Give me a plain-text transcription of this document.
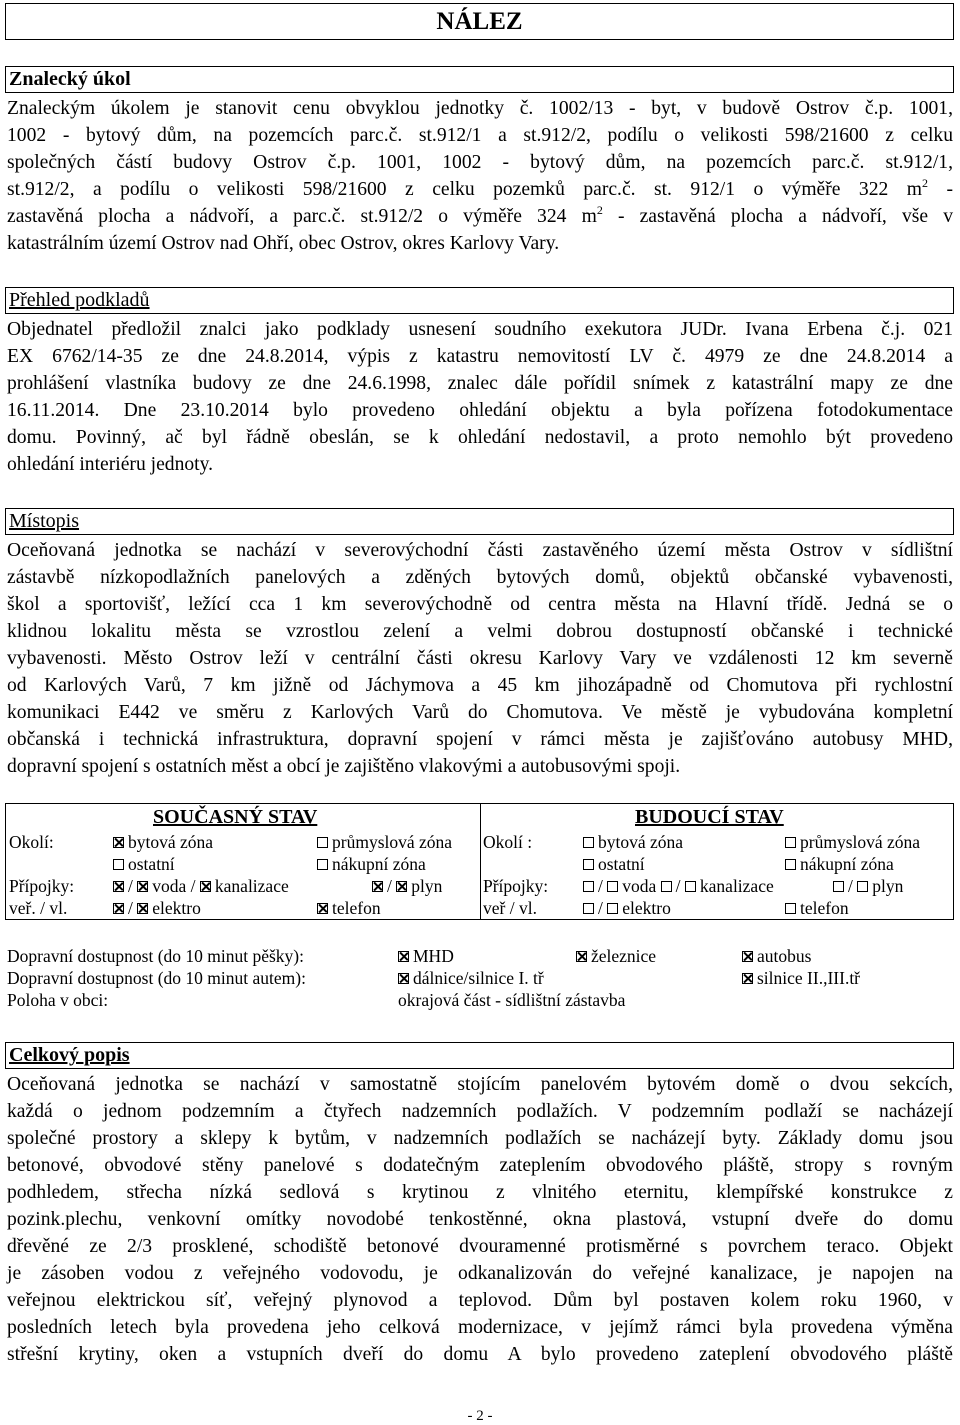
NÁLEZ
Znalecký úkol
Znaleckým úkolem je stanovit cenu obvyklou jednotky č. 1002/13 - byt, v budově Ostrov č.p. 1001,
1002 - bytový dům, na pozemcích parc.č. st.912/1 a st.912/2, podílu o velikosti 598/21600 z celku
společných částí budovy Ostrov č.p. 1001, 1002 - bytový dům, na pozemcích parc.č. st.912/1,
st.912/2, a podílu o velikosti 598/21600 z celku pozemků parc.č. st. 912/1 o výměře 322 $m^2$ -
zastavěná plocha a nádvoří, a parc.č. st.912/2 o výměře 324 $m^2$ - zastavěná plocha a nádvoří, vše v
katastrálním území Ostrov nad Ohří, obec Ostrov, okres Karlovy Vary.
Přehled podkladů
Objednatel předložil znalci jako podklady usnesení soudního exekutora JUDr. Ivana Erbena č.j. 021
EX 6762/14-35 ze dne 24.8.2014, výpis z katastru nemovitostí LV č. 4979 ze dne 24.8.2014 a
prohlášení vlastníka budovy ze dne 24.6.1998, znalec dále pořídil snímek z katastrální mapy ze dne
16.11.2014. Dne 23.10.2014 bylo provedeno ohledání objektu a byla pořízena fotodokumentace
domu. Povinný, ač byl řádně obeslán, se k ohledání nedostavil, a proto nemohlo být provedeno
ohledání interiéru jednoty.
Místopis
Oceňovaná jednotka se nachází v severovýchodní části zastavěného území města Ostrov v sídlištní
zástavbě nízkopodlažních panelových a zděných bytových domů, objektů občanské vybavenosti,
škol a sportovišť, ležící cca 1 km severovýchodně od centra města na Hlavní třídě. Jedná se o
klidnou lokalitu města se vzrostlou zelení a velmi dobrou dostupností občanské i technické
vybavenosti. Město Ostrov leží v centrální části okresu Karlovy Vary ve vzdálenosti 12 km severně
od Karlových Varů, 7 km jižně od Jáchymova a 45 km jihozápadně od Chomutova při rychlostní
komunikaci E442 ve směru z Karlových Varů do Chomutova. Ve městě je vybudována kompletní
občanská i technická infrastruktura, dopravní spojení v rámci města je zajišťováno autobusy MHD,
dopravní spojení s ostatních měst a obcí je zajištěno vlakovými a autobusovými spoji.
SOUČASNÝ STAV	BUDOUCÍ STAV
Okolí:	bytová zóna	průmyslová zóna
ostatní	nákupní zóna
Přípojky:	/ voda / kanalizace	/ plyn
veř. / vl.	/ elektro	telefon
Okolí :	bytová zóna	průmyslová zóna
ostatní	nákupní zóna
Přípojky:	/ voda / kanalizace	/ plyn
veř / vl.	/ elektro	telefon
Dopravní dostupnost (do 10 minut pěšky):	MHD	železnice	autobus
Dopravní dostupnost (do 10 minut autem):	dálnice/silnice I. tř	silnice II.,III.tř
Poloha v obci:	okrajová část - sídlištní zástavba
Celkový popis
Oceňovaná jednotka se nachází v samostatně stojícím panelovém bytovém domě o dvou sekcích,
každá o jednom podzemním a čtyřech nadzemních podlažích. V podzemním podlaží se nacházejí
společné prostory a sklepy k bytům, v nadzemních podlažích se nacházejí byty. Základy domu jsou
betonové, obvodové stěny panelové s dodatečným zateplením obvodového pláště, stropy s rovným
podhledem, střecha nízká sedlová s krytinou z vlnitého eternitu, klempířské konstrukce z
pozink.plechu, venkovní omítky novodobé tenkostěnné, okna plastová, vstupní dveře do domu
dřevěné ze 2/3 prosklené, schodiště betonové dvouramenné protisměrné s povrchem teraco. Objekt
je zásoben vodou z veřejného vodovodu, je odkanalizován do veřejné kanalizace, je napojen na
veřejnou elektrickou síť, veřejný plynovod a teplovod. Dům byl postaven kolem roku 1960, v
posledních letech byla provedena jeho celková modernizace, v jejímž rámci byla provedena výměna
střešní krytiny, oken a vstupních dveří do domu A bylo provedeno zateplení obvodového pláště
- 2 -
